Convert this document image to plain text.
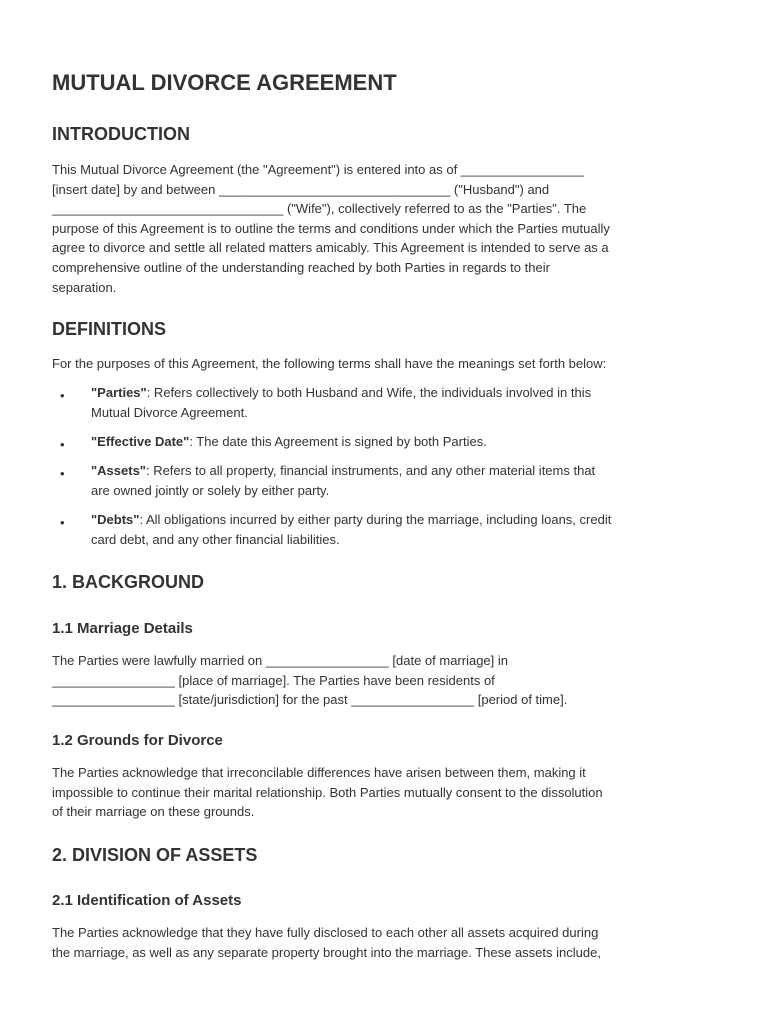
MUTUAL DIVORCE AGREEMENT
INTRODUCTION

This Mutual Divorce Agreement (the "Agreement") is entered into as of _________________
[insert date] by and between ________________________________ ("Husband") and
________________________________ ("Wife"), collectively referred to as the "Parties". The
purpose of this Agreement is to outline the terms and conditions under which the Parties mutually
agree to divorce and settle all related matters amicably. This Agreement is intended to serve as a
comprehensive outline of the understanding reached by both Parties in regards to their
separation.

DEFINITIONS

For the purposes of this Agreement, the following terms shall have the meanings set forth below:

• "Parties": Refers collectively to both Husband and Wife, the individuals involved in this
Mutual Divorce Agreement.
• "Effective Date": The date this Agreement is signed by both Parties.
• "Assets": Refers to all property, financial instruments, and any other material items that
are owned jointly or solely by either party.
• "Debts": All obligations incurred by either party during the marriage, including loans, credit
card debt, and any other financial liabilities.
1. BACKGROUND
1.1 Marriage Details

The Parties were lawfully married on _________________ [date of marriage] in
_________________ [place of marriage]. The Parties have been residents of
_________________ [state/jurisdiction] for the past _________________ [period of time].

1.2 Grounds for Divorce

The Parties acknowledge that irreconcilable differences have arisen between them, making it
impossible to continue their marital relationship. Both Parties mutually consent to the dissolution
of their marriage on these grounds.

2. DIVISION OF ASSETS
2.1 Identification of Assets

The Parties acknowledge that they have fully disclosed to each other all assets acquired during
the marriage, as well as any separate property brought into the marriage. These assets include,
